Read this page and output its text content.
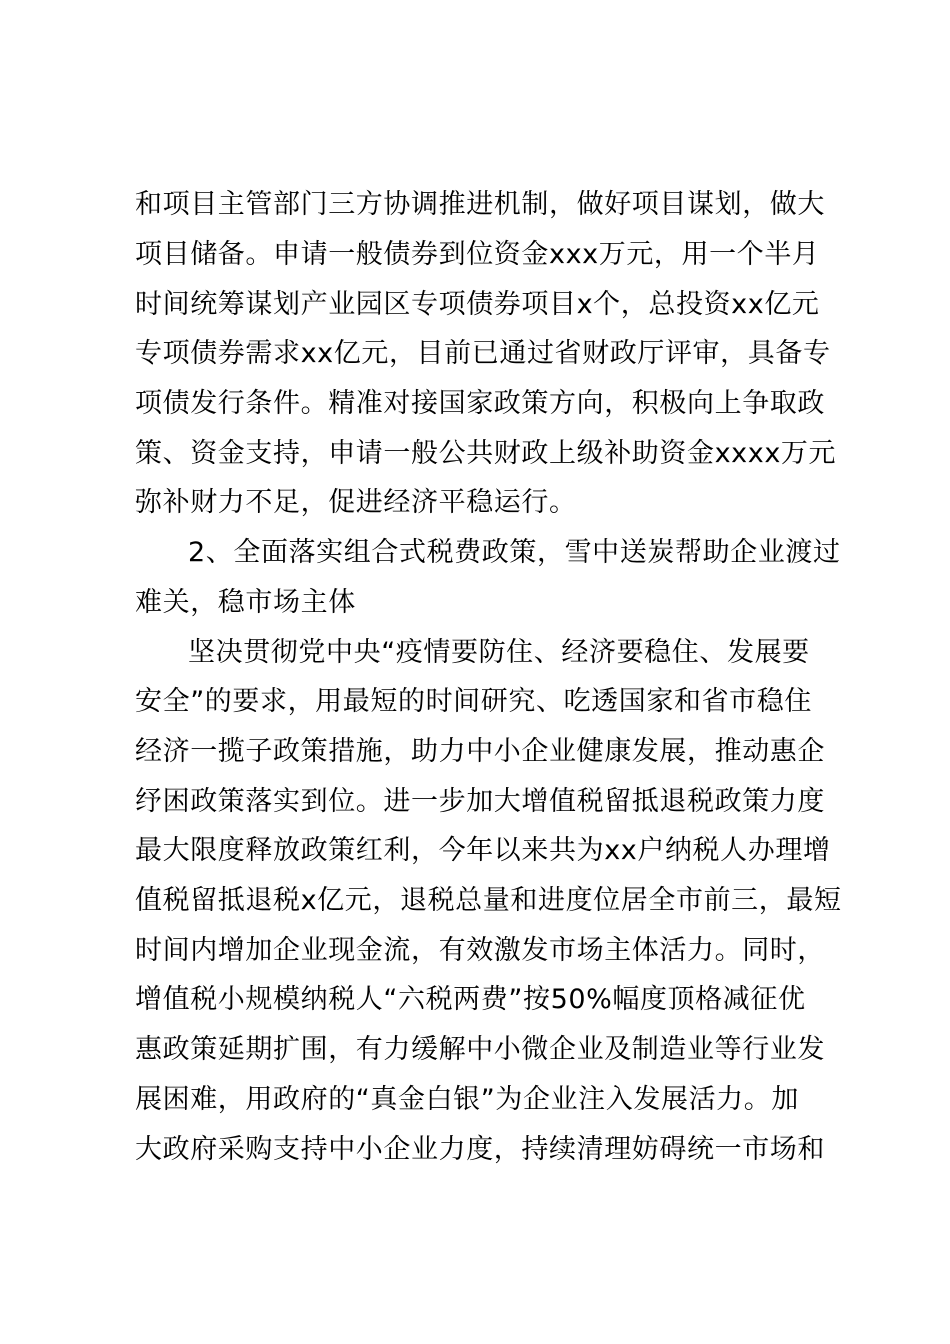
和项目主管部门三方协调推进机制，做好项目谋划，做大
项目储备。申请一般债券到位资金xxx万元，用一个半月
时间统筹谋划产业园区专项债券项目x个，总投资xx亿元
专项债券需求xx亿元，目前已通过省财政厅评审，具备专
项债发行条件。精准对接国家政策方向，积极向上争取政
策、资金支持，申请一般公共财政上级补助资金xxxx万元
弥补财力不足，促进经济平稳运行。
2、全面落实组合式税费政策，雪中送炭帮助企业渡过
难关，稳市场主体
坚决贯彻党中央“疫情要防住、经济要稳住、发展要
安全”的要求，用最短的时间研究、吃透国家和省市稳住
经济一揽子政策措施，助力中小企业健康发展，推动惠企
纾困政策落实到位。进一步加大增值税留抵退税政策力度
最大限度释放政策红利，今年以来共为xx户纳税人办理增
值税留抵退税x亿元，退税总量和进度位居全市前三，最短
时间内增加企业现金流，有效激发市场主体活力。同时，
增值税小规模纳税人“六税两费”按50%幅度顶格减征优
惠政策延期扩围，有力缓解中小微企业及制造业等行业发
展困难，用政府的“真金白银”为企业注入发展活力。加
大政府采购支持中小企业力度，持续清理妨碍统一市场和
